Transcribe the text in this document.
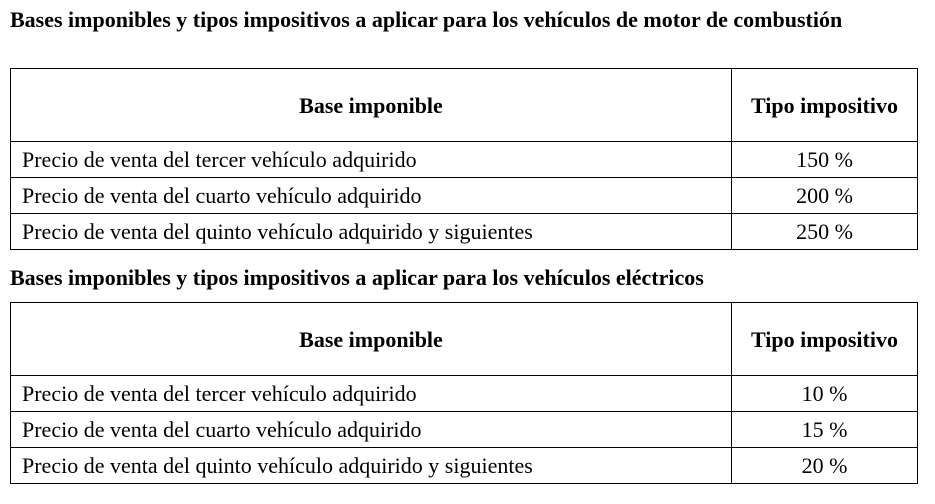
Bases imponibles y tipos impositivos a aplicar para los vehículos de motor de combustión

Base imponible	Tipo impositivo
Precio de venta del tercer vehículo adquirido	150 %
Precio de venta del cuarto vehículo adquirido	200 %
Precio de venta del quinto vehículo adquirido y siguientes	250 %

Bases imponibles y tipos impositivos a aplicar para los vehículos eléctricos

Base imponible	Tipo impositivo
Precio de venta del tercer vehículo adquirido	10 %
Precio de venta del cuarto vehículo adquirido	15 %
Precio de venta del quinto vehículo adquirido y siguientes	20 %
